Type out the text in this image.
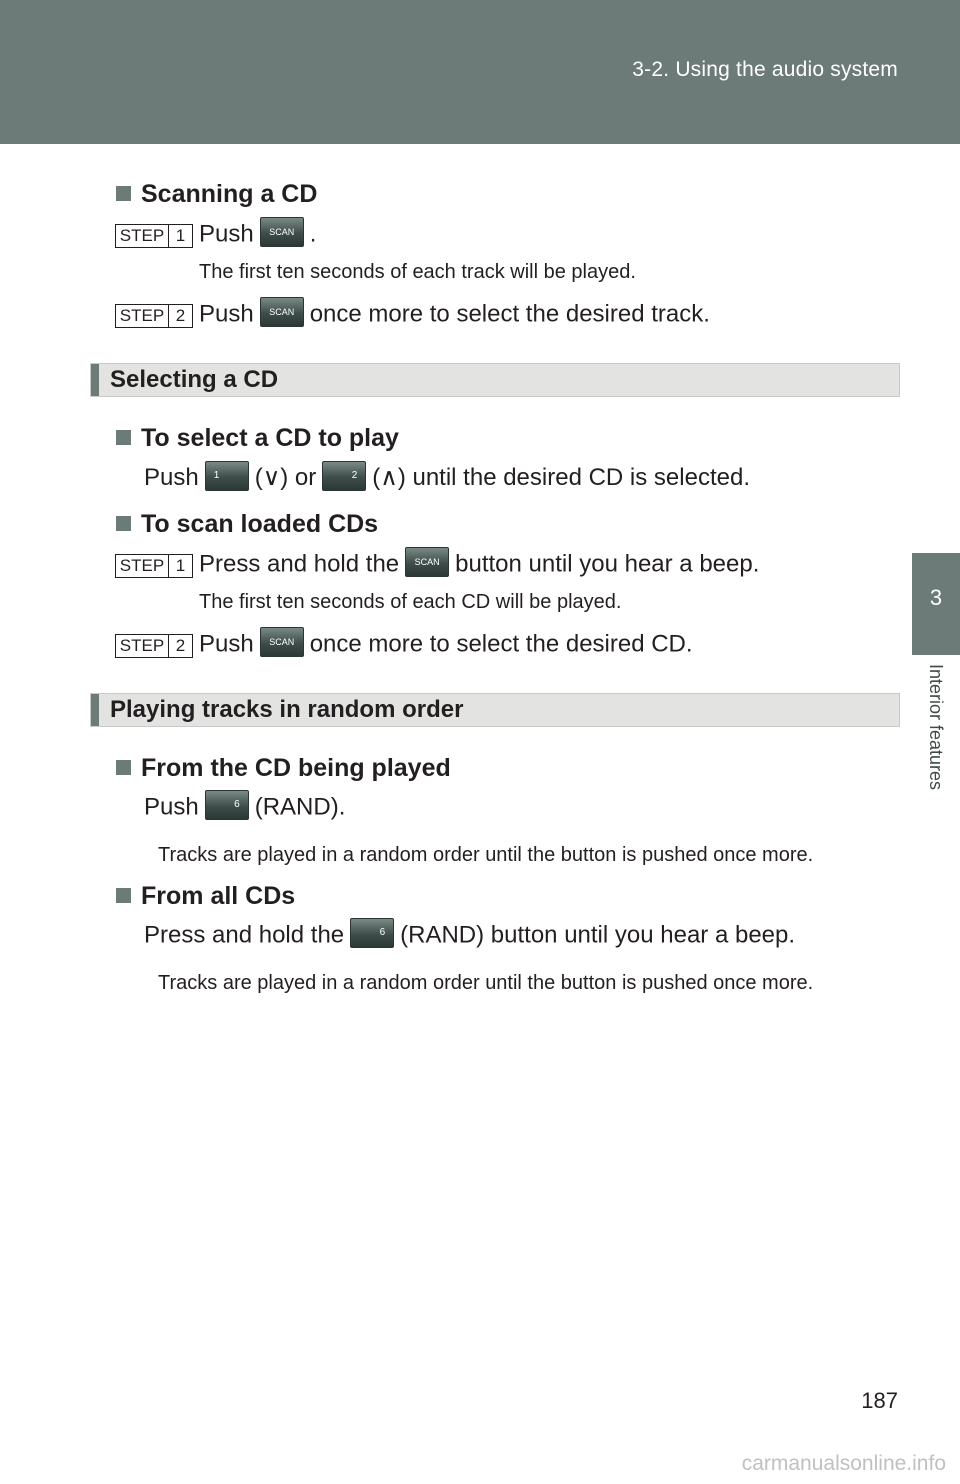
3-2. Using the audio system
3
Interior features
Scanning a CD
STEP 1 Push SCAN .
The first ten seconds of each track will be played.
STEP 2 Push SCAN once more to select the desired track.
Selecting a CD
To select a CD to play
Push 1 (∨) or	2 (∧) until the desired CD is selected.
To scan loaded CDs
STEP 1 Press and hold the SCAN button until you hear a beep.
The first ten seconds of each CD will be played.
STEP 2 Push SCAN once more to select the desired CD.
Playing tracks in random order
From the CD being played
Push	6 (RAND).
Tracks are played in a random order until the button is pushed once more.
From all CDs
Press and hold the	6 (RAND) button until you hear a beep.
Tracks are played in a random order until the button is pushed once more.
187
carmanualsonline.info
